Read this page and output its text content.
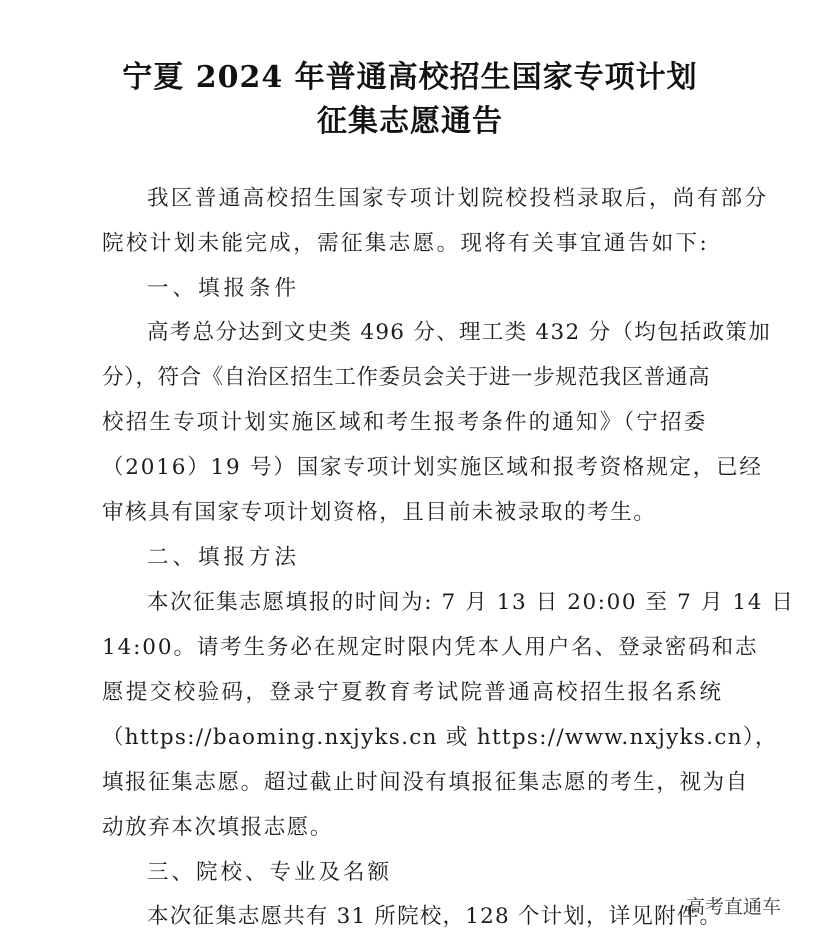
宁夏 2024 年普通高校招生国家专项计划
征集志愿通告
我区普通高校招生国家专项计划院校投档录取后，尚有部分
院校计划未能完成，需征集志愿。现将有关事宜通告如下:
一、填报条件
高考总分达到文史类 496 分、理工类 432 分（均包括政策加
分），符合《自治区招生工作委员会关于进一步规范我区普通高
校招生专项计划实施区域和考生报考条件的通知》（宁招委
（2016）19 号）国家专项计划实施区域和报考资格规定，已经
审核具有国家专项计划资格，且目前未被录取的考生。
二、填报方法
本次征集志愿填报的时间为: 7 月 13 日 20:00 至 7 月 14 日
14:00。请考生务必在规定时限内凭本人用户名、登录密码和志
愿提交校验码，登录宁夏教育考试院普通高校招生报名系统
（https://baoming.nxjyks.cn 或 https://www.nxjyks.cn），
填报征集志愿。超过截止时间没有填报征集志愿的考生，视为自
动放弃本次填报志愿。
三、院校、专业及名额
本次征集志愿共有 31 所院校，128 个计划，详见附件。
高考直通车
